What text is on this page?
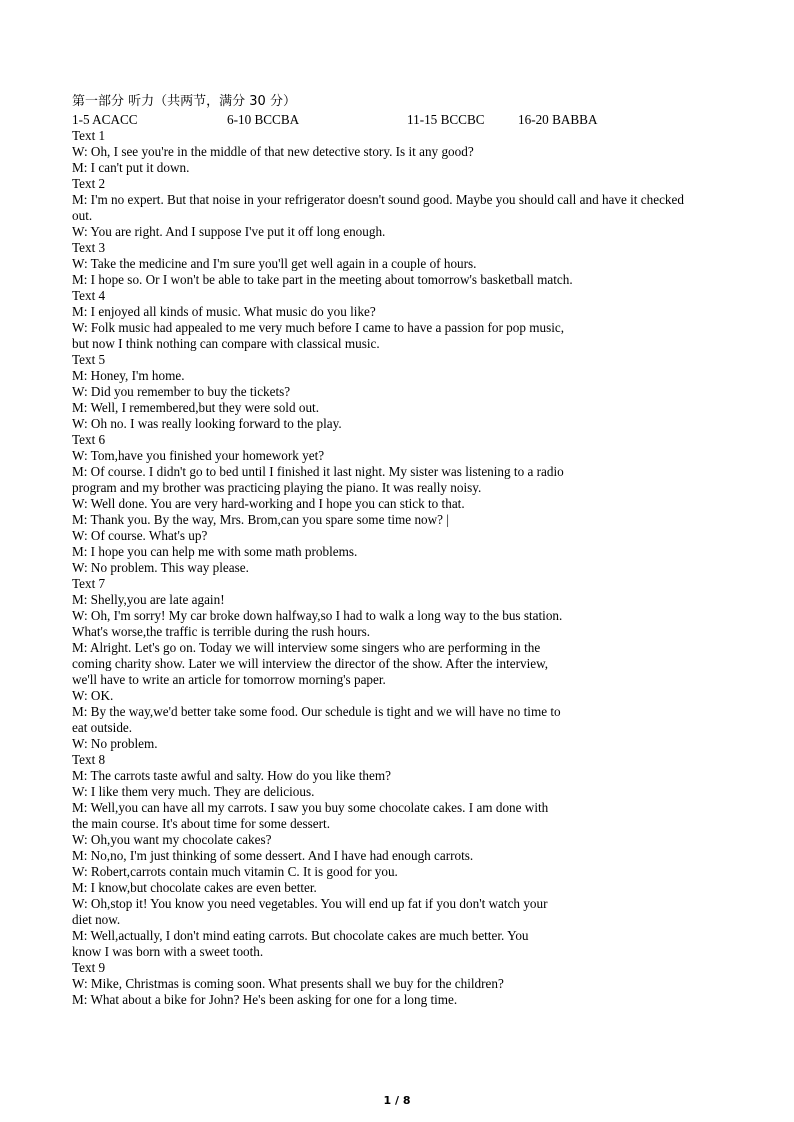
第一部分 听力（共两节，满分 30 分）
1-5 ACACC	6-10 BCCBA	11-15 BCCBC	16-20 BABBA
Text 1
W: Oh, I see you're in the middle of that new detective story. Is it any good?
M: I can't put it down.
Text 2
M: I'm no expert. But that noise in your refrigerator doesn't sound good. Maybe you should call and have it checked
out.
W: You are right. And I suppose I've put it off long enough.
Text 3
W: Take the medicine and I'm sure you'll get well again in a couple of hours.
M: I hope so. Or I won't be able to take part in the meeting about tomorrow's basketball match.
Text 4
M: I enjoyed all kinds of music. What music do you like?
W: Folk music had appealed to me very much before I came to have a passion for pop music,
but now I think nothing can compare with classical music.
Text 5
M: Honey, I'm home.
W: Did you remember to buy the tickets?
M: Well, I remembered,but they were sold out.
W: Oh no. I was really looking forward to the play.
Text 6
W: Tom,have you finished your homework yet?
M: Of course. I didn't go to bed until I finished it last night. My sister was listening to a radio
program and my brother was practicing playing the piano. It was really noisy.
W: Well done. You are very hard-working and I hope you can stick to that.
M: Thank you. By the way, Mrs. Brom,can you spare some time now? |
W: Of course. What's up?
M: I hope you can help me with some math problems.
W: No problem. This way please.
Text 7
M: Shelly,you are late again!
W: Oh, I'm sorry! My car broke down halfway,so I had to walk a long way to the bus station.
What's worse,the traffic is terrible during the rush hours.
M: Alright. Let's go on. Today we will interview some singers who are performing in the
coming charity show. Later we will interview the director of the show. After the interview,
we'll have to write an article for tomorrow morning's paper.
W: OK.
M: By the way,we'd better take some food. Our schedule is tight and we will have no time to
eat outside.
W: No problem.
Text 8
M: The carrots taste awful and salty. How do you like them?
W: I like them very much. They are delicious.
M: Well,you can have all my carrots. I saw you buy some chocolate cakes. I am done with
the main course. It's about time for some dessert.
W: Oh,you want my chocolate cakes?
M: No,no, I'm just thinking of some dessert. And I have had enough carrots.
W: Robert,carrots contain much vitamin C. It is good for you.
M: I know,but chocolate cakes are even better.
W: Oh,stop it! You know you need vegetables. You will end up fat if you don't watch your
diet now.
M: Well,actually, I don't mind eating carrots. But chocolate cakes are much better. You
know I was born with a sweet tooth.
Text 9
W: Mike, Christmas is coming soon. What presents shall we buy for the children?
M: What about a bike for John? He's been asking for one for a long time.
1 / 8
